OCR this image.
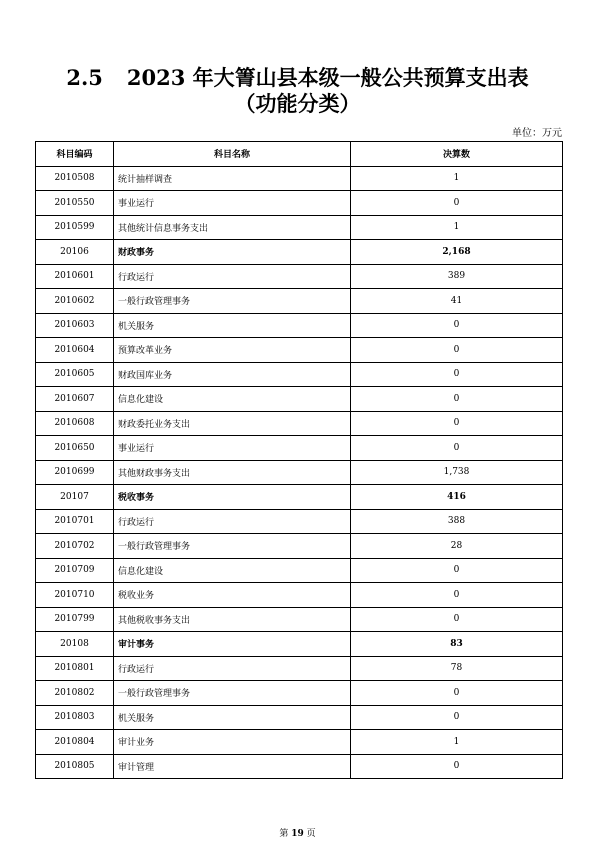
2.5 2023 年大箐山县本级一般公共预算支出表
（功能分类）
单位：万元
科目编码	科目名称	决算数
2010508	统计抽样调查	1
2010550	事业运行	0
2010599	其他统计信息事务支出	1
20106	财政事务	2,168
2010601	行政运行	389
2010602	一般行政管理事务	41
2010603	机关服务	0
2010604	预算改革业务	0
2010605	财政国库业务	0
2010607	信息化建设	0
2010608	财政委托业务支出	0
2010650	事业运行	0
2010699	其他财政事务支出	1,738
20107	税收事务	416
2010701	行政运行	388
2010702	一般行政管理事务	28
2010709	信息化建设	0
2010710	税收业务	0
2010799	其他税收事务支出	0
20108	审计事务	83
2010801	行政运行	78
2010802	一般行政管理事务	0
2010803	机关服务	0
2010804	审计业务	1
2010805	审计管理	0
第 19 页
